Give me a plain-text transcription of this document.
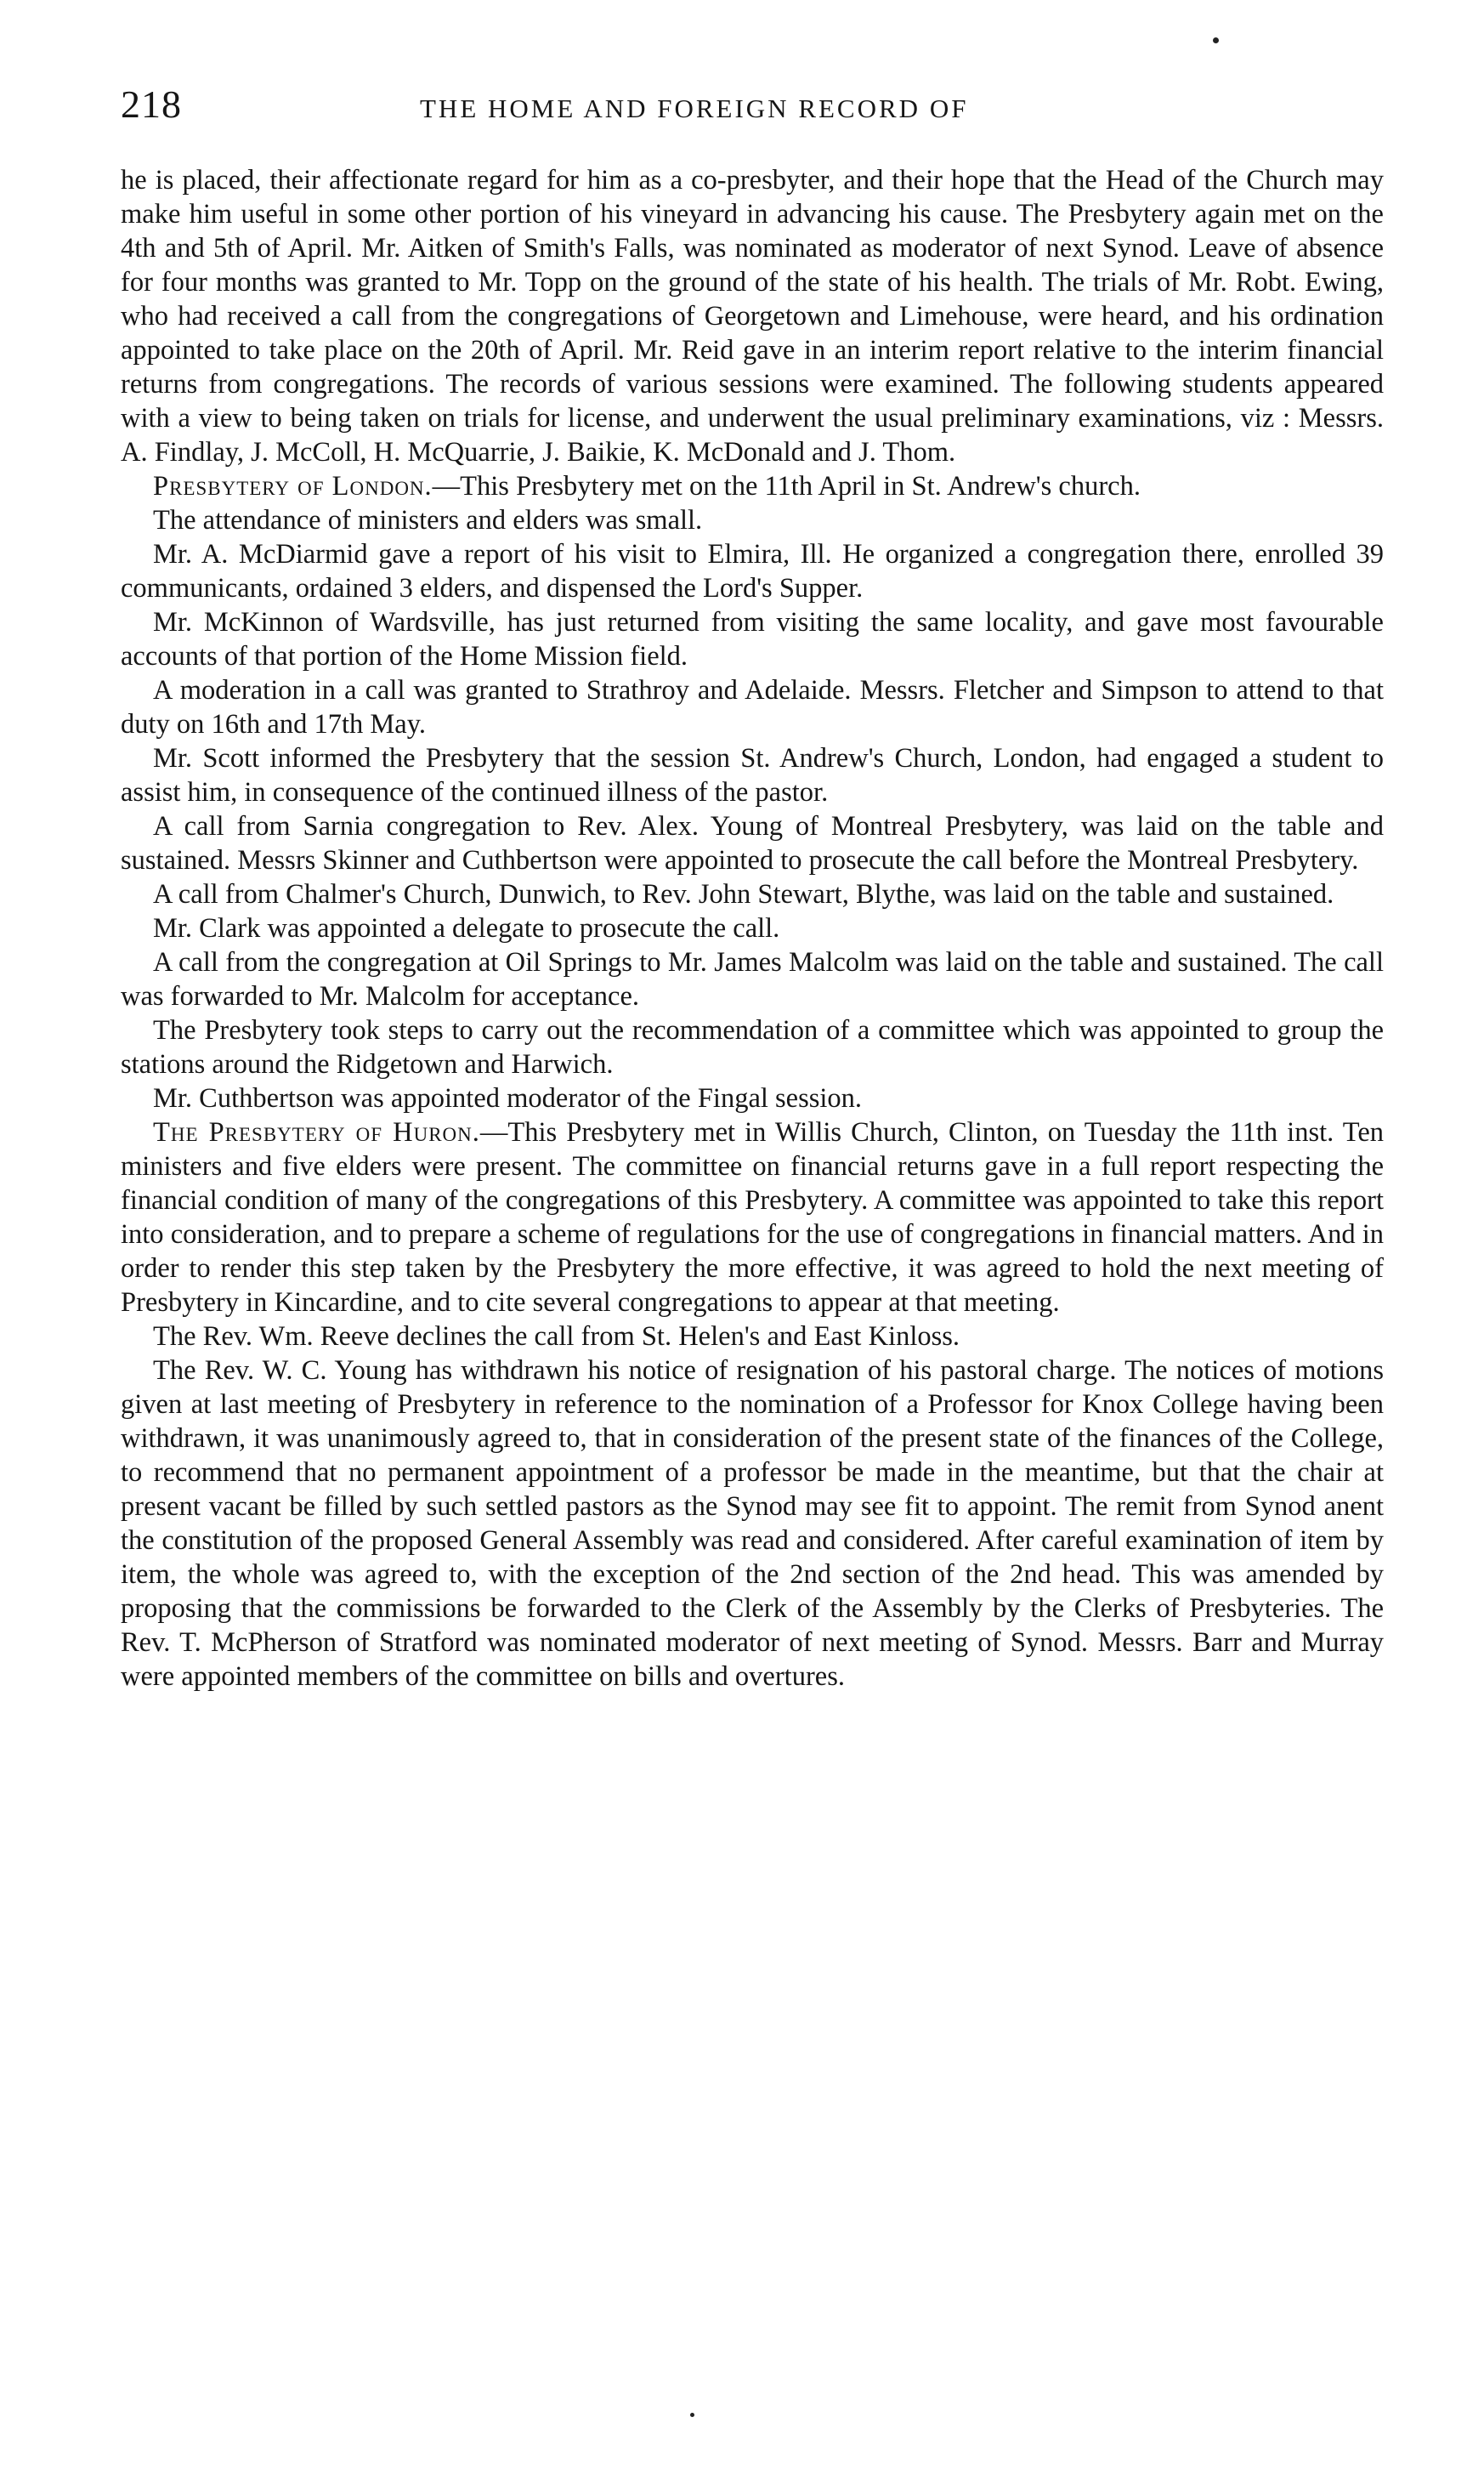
218	THE HOME AND FOREIGN RECORD OF

he is placed, their affectionate regard for him as a co-presbyter, and their hope that the Head of the Church may make him useful in some other portion of his vineyard in advancing his cause. The Presbytery again met on the 4th and 5th of April. Mr. Aitken of Smith's Falls, was nominated as moderator of next Synod. Leave of absence for four months was granted to Mr. Topp on the ground of the state of his health. The trials of Mr. Robt. Ewing, who had received a call from the congregations of Georgetown and Limehouse, were heard, and his ordination appointed to take place on the 20th of April. Mr. Reid gave in an interim report relative to the interim financial returns from congregations. The records of various sessions were examined. The following students appeared with a view to being taken on trials for license, and underwent the usual preliminary examinations, viz : Messrs. A. Findlay, J. McColl, H. McQuarrie, J. Baikie, K. McDonald and J. Thom.

Presbytery of London.—This Presbytery met on the 11th April in St. Andrew's church.

The attendance of ministers and elders was small.

Mr. A. McDiarmid gave a report of his visit to Elmira, Ill. He organized a congregation there, enrolled 39 communicants, ordained 3 elders, and dispensed the Lord's Supper.

Mr. McKinnon of Wardsville, has just returned from visiting the same locality, and gave most favourable accounts of that portion of the Home Mission field.

A moderation in a call was granted to Strathroy and Adelaide. Messrs. Fletcher and Simpson to attend to that duty on 16th and 17th May.

Mr. Scott informed the Presbytery that the session St. Andrew's Church, London, had engaged a student to assist him, in consequence of the continued illness of the pastor.

A call from Sarnia congregation to Rev. Alex. Young of Montreal Presbytery, was laid on the table and sustained. Messrs Skinner and Cuthbertson were appointed to prosecute the call before the Montreal Presbytery.

A call from Chalmer's Church, Dunwich, to Rev. John Stewart, Blythe, was laid on the table and sustained.

Mr. Clark was appointed a delegate to prosecute the call.

A call from the congregation at Oil Springs to Mr. James Malcolm was laid on the table and sustained. The call was forwarded to Mr. Malcolm for acceptance.

The Presbytery took steps to carry out the recommendation of a committee which was appointed to group the stations around the Ridgetown and Harwich.

Mr. Cuthbertson was appointed moderator of the Fingal session.

The Presbytery of Huron.—This Presbytery met in Willis Church, Clinton, on Tuesday the 11th inst. Ten ministers and five elders were present. The committee on financial returns gave in a full report respecting the financial condition of many of the congregations of this Presbytery. A committee was appointed to take this report into consideration, and to prepare a scheme of regulations for the use of congregations in financial matters. And in order to render this step taken by the Presbytery the more effective, it was agreed to hold the next meeting of Presbytery in Kincardine, and to cite several congregations to appear at that meeting.

The Rev. Wm. Reeve declines the call from St. Helen's and East Kinloss.

The Rev. W. C. Young has withdrawn his notice of resignation of his pastoral charge. The notices of motions given at last meeting of Presbytery in reference to the nomination of a Professor for Knox College having been withdrawn, it was unanimously agreed to, that in consideration of the present state of the finances of the College, to recommend that no permanent appointment of a professor be made in the meantime, but that the chair at present vacant be filled by such settled pastors as the Synod may see fit to appoint. The remit from Synod anent the constitution of the proposed General Assembly was read and considered. After careful examination of item by item, the whole was agreed to, with the exception of the 2nd section of the 2nd head. This was amended by proposing that the commissions be forwarded to the Clerk of the Assembly by the Clerks of Presbyteries. The Rev. T. McPherson of Stratford was nominated moderator of next meeting of Synod. Messrs. Barr and Murray were appointed members of the committee on bills and overtures.
